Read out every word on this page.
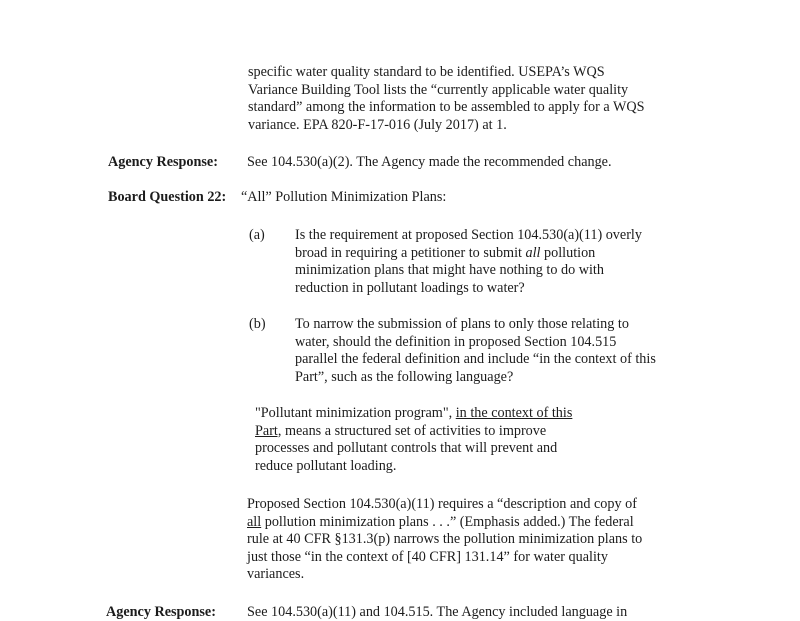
specific water quality standard to be identified. USEPA’s WQS
Variance Building Tool lists the “currently applicable water quality
standard” among the information to be assembled to apply for a WQS
variance. EPA 820-F-17-016 (July 2017) at 1.
Agency Response: See 104.530(a)(2). The Agency made the recommended change.
Board Question 22: “All” Pollution Minimization Plans:
(a) Is the requirement at proposed Section 104.530(a)(11) overly
broad in requiring a petitioner to submit all pollution
minimization plans that might have nothing to do with
reduction in pollutant loadings to water?
(b) To narrow the submission of plans to only those relating to
water, should the definition in proposed Section 104.515
parallel the federal definition and include “in the context of this
Part”, such as the following language?
"Pollutant minimization program", in the context of this
Part, means a structured set of activities to improve
processes and pollutant controls that will prevent and
reduce pollutant loading.
Proposed Section 104.530(a)(11) requires a “description and copy of
all pollution minimization plans . . .” (Emphasis added.) The federal
rule at 40 CFR §131.3(p) narrows the pollution minimization plans to
just those “in the context of [40 CFR] 131.14” for water quality
variances.
Agency Response: See 104.530(a)(11) and 104.515. The Agency included language in
